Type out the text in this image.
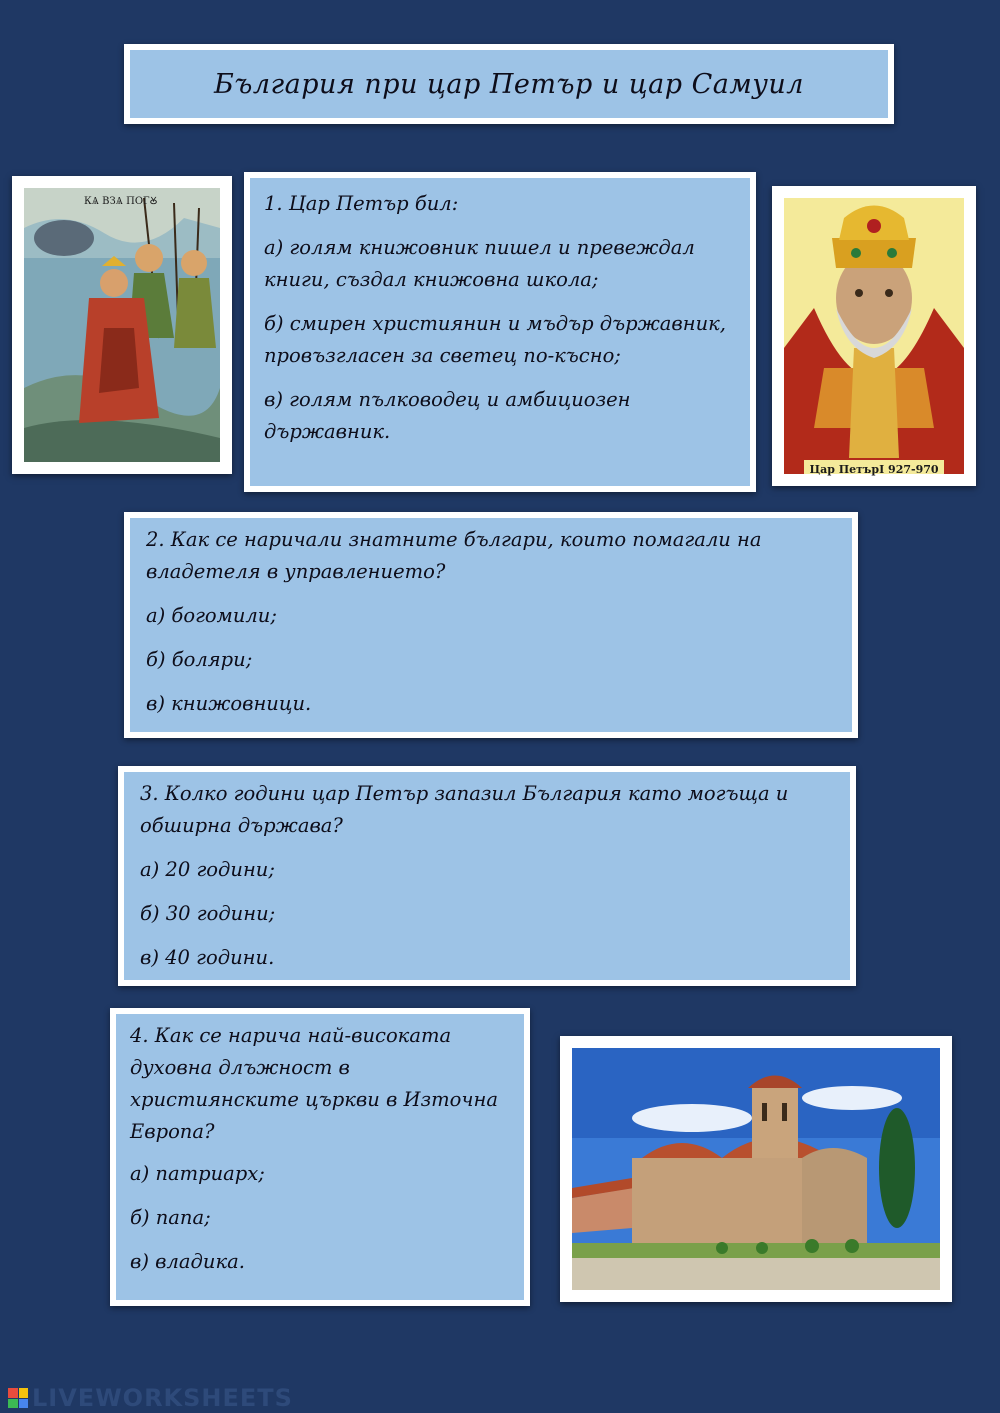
България при цар Петър и цар Самуил
КѦ ВЗѦ ПОГꙊ	1. Цар Петър бил:

а) голям книжовник пишел и превеждал книги, създал книжовна школа;

б) смирен християнин и мъдър държавник, провъзгласен за светец по-късно;

в) голям пълководец и амбициозен държавник.

Цар ПетърI 927-970

2. Как се наричали знатните българи, които помагали на владетеля в управлението?

а) богомили;

б) боляри;

в) книжовници.

3. Колко години цар Петър запазил България като могъща и обширна държава?

а) 20 години;

б) 30 години;

в) 40 години.

4. Как се нарича най-високата духовна длъжност в християнските църкви в Източна Европа?

а) патриарх;

б) папа;

в) владика.

LIVEWORKSHEETS
